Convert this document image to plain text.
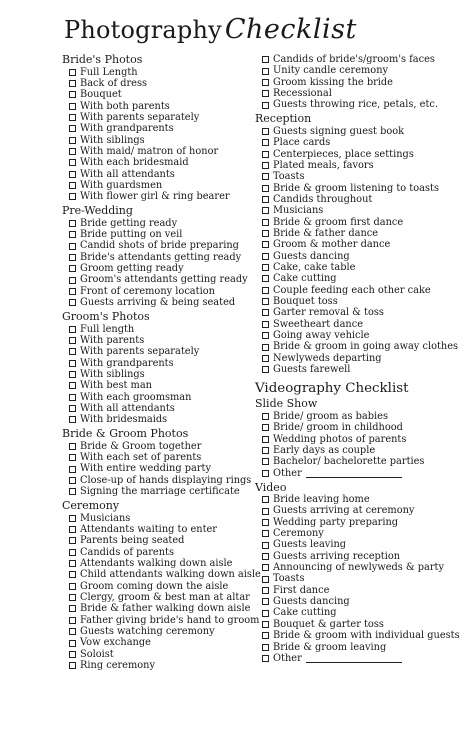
Photography Checklist
Bride's Photos
Full Length
Back of dress
Bouquet
With both parents
With parents separately
With grandparents
With siblings
With maid/ matron of honor
With each bridesmaid
With all attendants
With guardsmen
With flower girl & ring bearer
Pre-Wedding
Bride getting ready
Bride putting on veil
Candid shots of bride preparing
Bride's attendants getting ready
Groom getting ready
Groom's attendants getting ready
Front of ceremony location
Guests arriving & being seated
Groom's Photos
Full length
With parents
With parents separately
With grandparents
With siblings
With best man
With each groomsman
With all attendants
With bridesmaids
Bride & Groom Photos
Bride & Groom together
With each set of parents
With entire wedding party
Close-up of hands displaying rings
Signing the marriage certificate
Ceremony
Musicians
Attendants waiting to enter
Parents being seated
Candids of parents
Attendants walking down aisle
Child attendants walking down aisle
Groom coming down the aisle
Clergy, groom & best man at altar
Bride & father walking down aisle
Father giving bride's hand to groom
Guests watching ceremony
Vow exchange
Soloist
Ring ceremony
Candids of bride's/groom's faces
Unity candle ceremony
Groom kissing the bride
Recessional
Guests throwing rice, petals, etc.
Reception
Guests signing guest book
Place cards
Centerpieces, place settings
Plated meals, favors
Toasts
Bride & groom listening to toasts
Candids throughout
Musicians
Bride & groom first dance
Bride & father dance
Groom & mother dance
Guests dancing
Cake, cake table
Cake cutting
Couple feeding each other cake
Bouquet toss
Garter removal & toss
Sweetheart dance
Going away vehicle
Bride & groom in going away clothes
Newlyweds departing
Guests farewell
Videography Checklist
Slide Show
Bride/ groom as babies
Bride/ groom in childhood
Wedding photos of parents
Early days as couple
Bachelor/ bachelorette parties
Other
Video
Bride leaving home
Guests arriving at ceremony
Wedding party preparing
Ceremony
Guests leaving
Guests arriving reception
Announcing of newlyweds & party
Toasts
First dance
Guests dancing
Cake cutting
Bouquet & garter toss
Bride & groom with individual guests
Bride & groom leaving
Other
